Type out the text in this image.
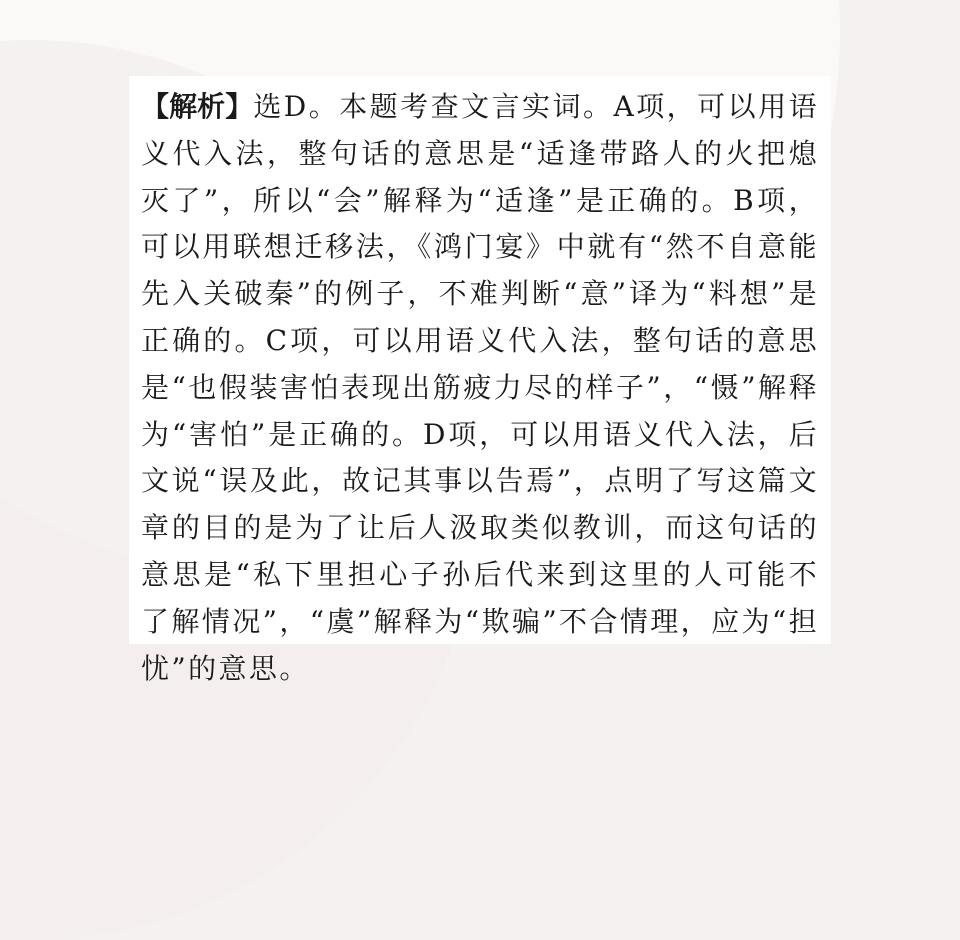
【解析】选D。本题考查文言实词。A项，可以用语义代入法，整句话的意思是“适逢带路人的火把熄灭了”，所以“会”解释为“适逢”是正确的。B项，可以用联想迁移法，《鸿门宴》中就有“然不自意能先入关破秦”的例子，不难判断“意”译为“料想”是正确的。C项，可以用语义代入法，整句话的意思是“也假装害怕表现出筋疲力尽的样子”，“慑”解释为“害怕”是正确的。D项，可以用语义代入法，后文说“误及此，故记其事以告焉”，点明了写这篇文章的目的是为了让后人汲取类似教训，而这句话的意思是“私下里担心子孙后代来到这里的人可能不了解情况”，“虞”解释为“欺骗”不合情理，应为“担忧”的意思。
